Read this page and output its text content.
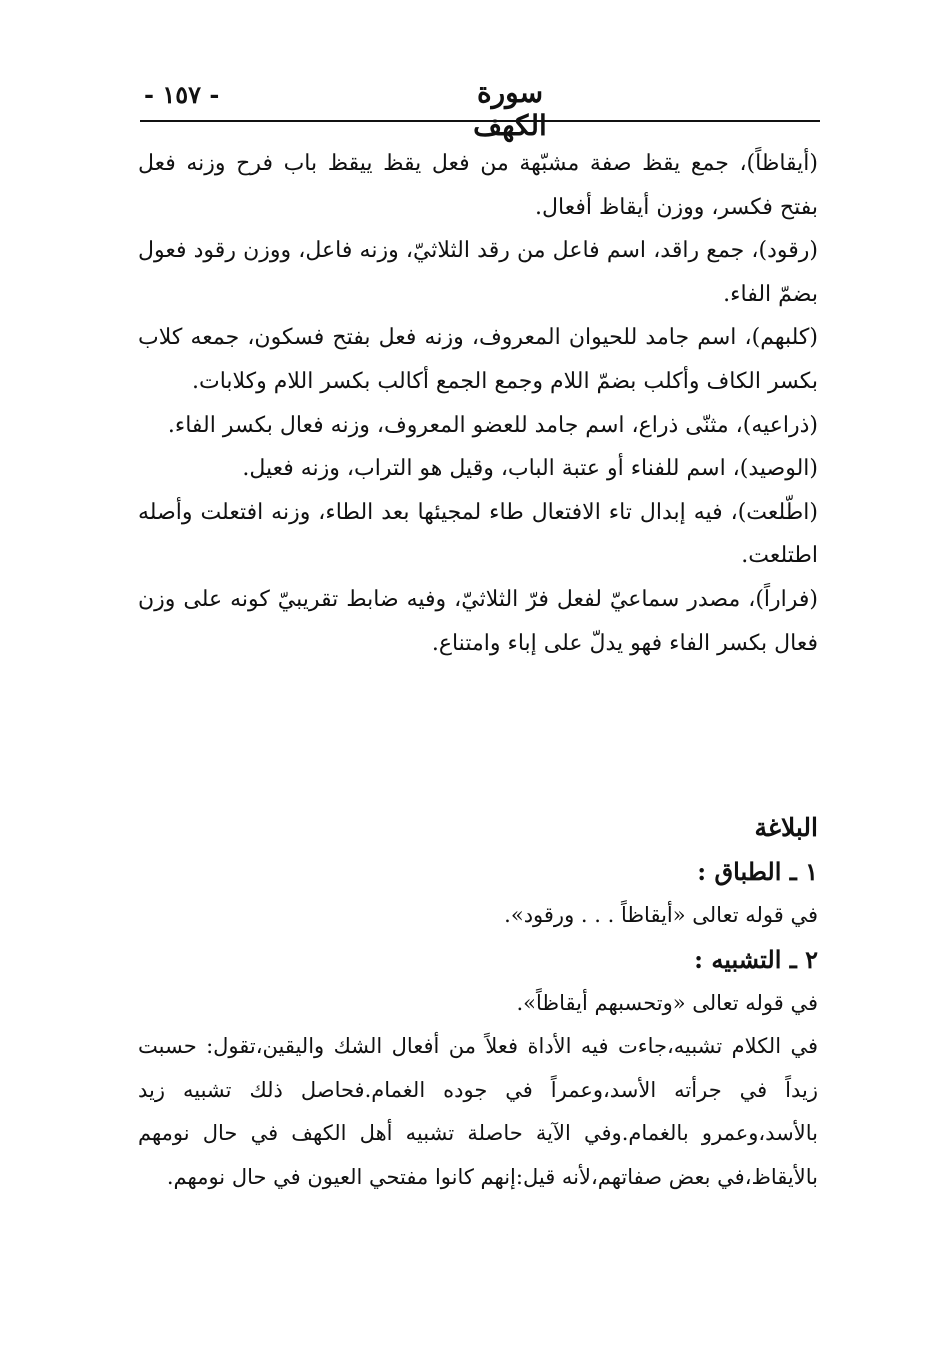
- ١٥٧ -	سورة الكهف

(أيقاظاً)، جمع يقظ صفة مشبّهة من فعل يقظ ييقظ باب فرح وزنه فعل بفتح فكسر، ووزن أيقاظ أفعال.

(رقود)، جمع راقد، اسم فاعل من رقد الثلاثيّ، وزنه فاعل، ووزن رقود فعول بضمّ الفاء.

(كلبهم)، اسم جامد للحيوان المعروف، وزنه فعل بفتح فسكون، جمعه كلاب بكسر الكاف وأكلب بضمّ اللام وجمع الجمع أكالب بكسر اللام وكلابات.

(ذراعيه)، مثنّى ذراع، اسم جامد للعضو المعروف، وزنه فعال بكسر الفاء.

(الوصيد)، اسم للفناء أو عتبة الباب، وقيل هو التراب، وزنه فعيل.

(اطّلعت)، فيه إبدال تاء الافتعال طاء لمجيئها بعد الطاء، وزنه افتعلت وأصله اطتلعت.

(فراراً)، مصدر سماعيّ لفعل فرّ الثلاثيّ، وفيه ضابط تقريبيّ كونه على وزن فعال بكسر الفاء فهو يدلّ على إباء وامتناع.

البلاغة

١ ـ الطباق :

في قوله تعالى «أيقاظاً . . . ورقود».

٢ ـ التشبيه :

في قوله تعالى «وتحسبهم أيقاظاً».

في الكلام تشبيه،جاءت فيه الأداة فعلاً من أفعال الشك واليقين،تقول: حسبت زيداً في جرأته الأسد،وعمراً في جوده الغمام.فحاصل ذلك تشبيه زيد بالأسد،وعمرو بالغمام.وفي الآية حاصلة تشبيه أهل الكهف في حال نومهم بالأيقاظ،في بعض صفاتهم،لأنه قيل:إنهم كانوا مفتحي العيون في حال نومهم.
